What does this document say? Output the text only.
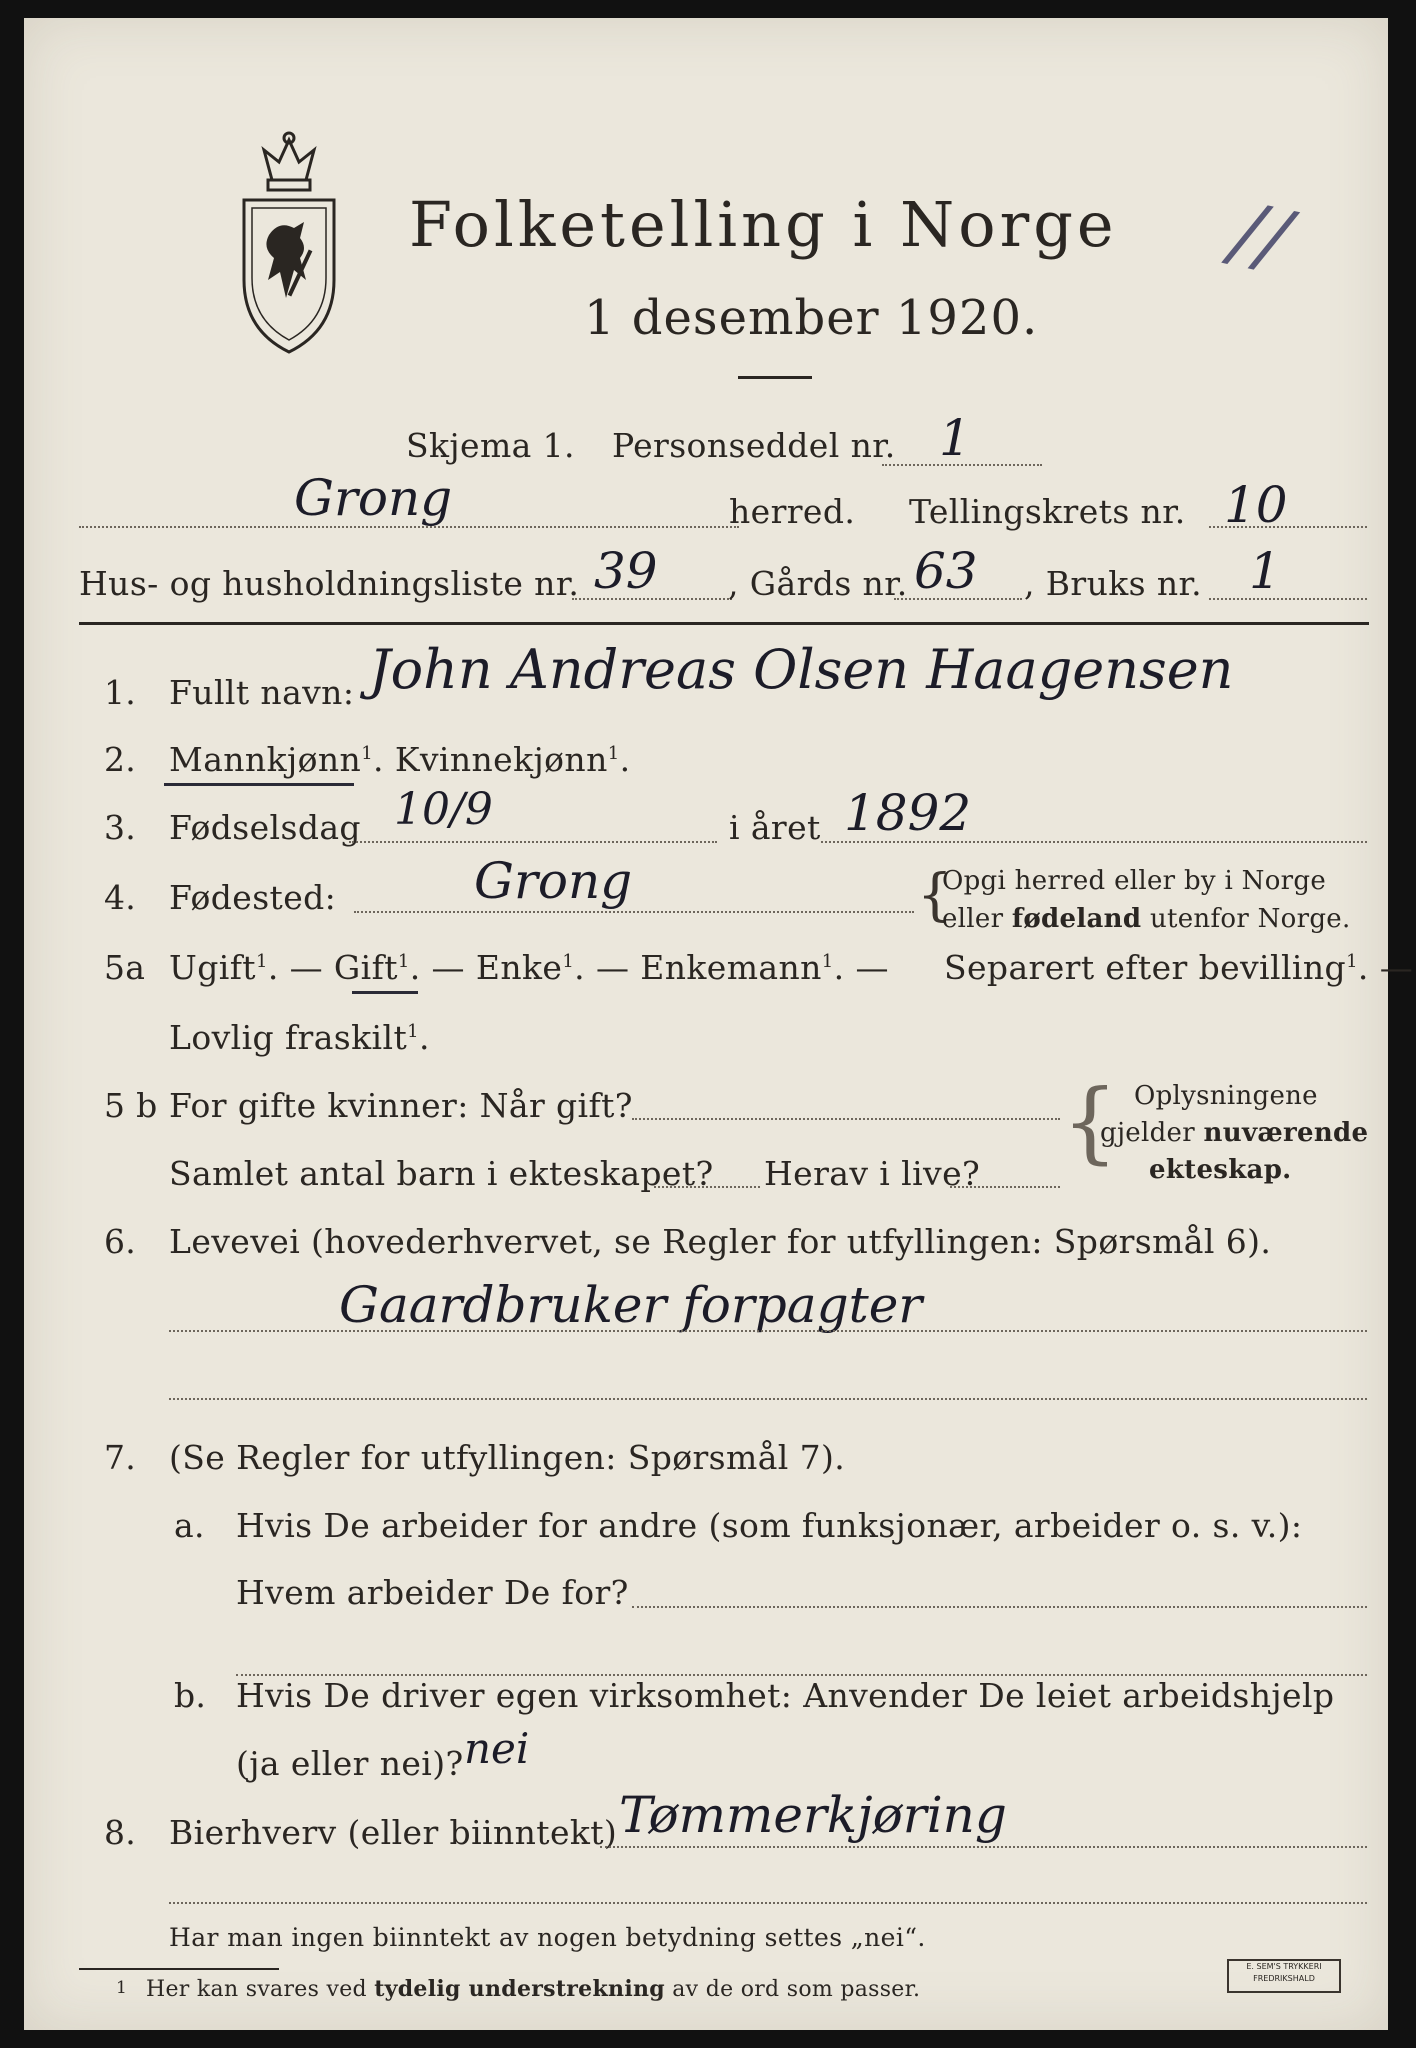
Folketelling i Norge
1 desember 1920.
//
Skjema 1. Personseddel nr. 1
Grong	herred. Tellingskrets nr. 10
Hus- og husholdningsliste nr. 39 , Gårds nr. 63 , Bruks nr. 1
1. Fullt navn: John Andreas Olsen Haagensen
2. Mannkjønn$^1$. Kvinnekjønn$^1$.
3. Fødselsdag 10/9	i året 1892
4. Fødested:	Grong	{
Opgi herred eller by i Norge
eller fødeland utenfor Norge.
5a Ugift$^1$. — Gift$^1$. — Enke$^1$. — Enkemann$^1$. — Separert efter bevilling$^1$. —
Lovlig fraskilt$^1$.
5 b For gifte kvinner: Når gift?
Samlet antal barn i ekteskapet? Herav i live?
{ Oplysningene
gjelder nuværende
ekteskap.
6. Levevei (hovederhvervet, se Regler for utfyllingen: Spørsmål 6).
Gaardbruker forpagter
7. (Se Regler for utfyllingen: Spørsmål 7).
a. Hvis De arbeider for andre (som funksjonær, arbeider o. s. v.):
Hvem arbeider De for?
b. Hvis De driver egen virksomhet: Anvender De leiet arbeidshjelp
(ja eller nei)? nei
8. Bierhverv (eller biinntekt) Tømmerkjøring
Har man ingen biinntekt av nogen betydning settes „nei“.
1 Her kan svares ved tydelig understrekning av de ord som passer.
E. SEM'S TRYKKERI
FREDRIKSHALD
